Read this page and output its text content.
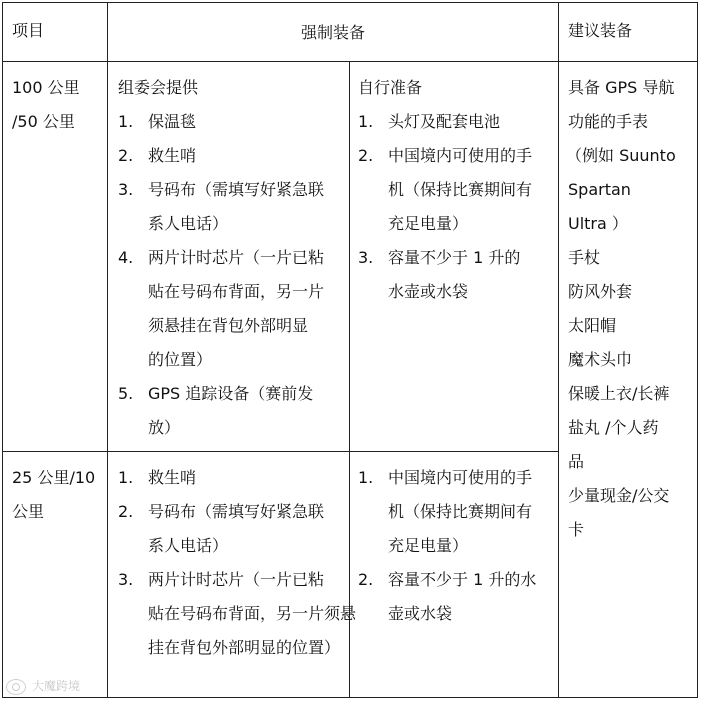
项目	强制装备	建议装备
100 公里
/50 公里
组委会提供
1. 保温毯
2. 救生哨
3. 号码布（需填写好紧急联
系人电话）
4. 两片计时芯片（一片已粘
贴在号码布背面，另一片
须悬挂在背包外部明显
的位置）
5. GPS 追踪设备（赛前发
放）
自行准备
1. 头灯及配套电池
2. 中国境内可使用的手
机（保持比赛期间有
充足电量）
3. 容量不少于 1 升的
水壶或水袋
25 公里/10
公里
1. 救生哨
2. 号码布（需填写好紧急联
系人电话）
3. 两片计时芯片（一片已粘
贴在号码布背面，另一片须悬
挂在背包外部明显的位置）
1. 中国境内可使用的手
机（保持比赛期间有
充足电量）
2. 容量不少于 1 升的水
壶或水袋
具备 GPS 导航
功能的手表
（例如 Suunto
Spartan
Ultra ）
手杖
防风外套
太阳帽
魔术头巾
保暖上衣/长裤
盐丸 /个人药
品
少量现金/公交
卡
大魔跨境
